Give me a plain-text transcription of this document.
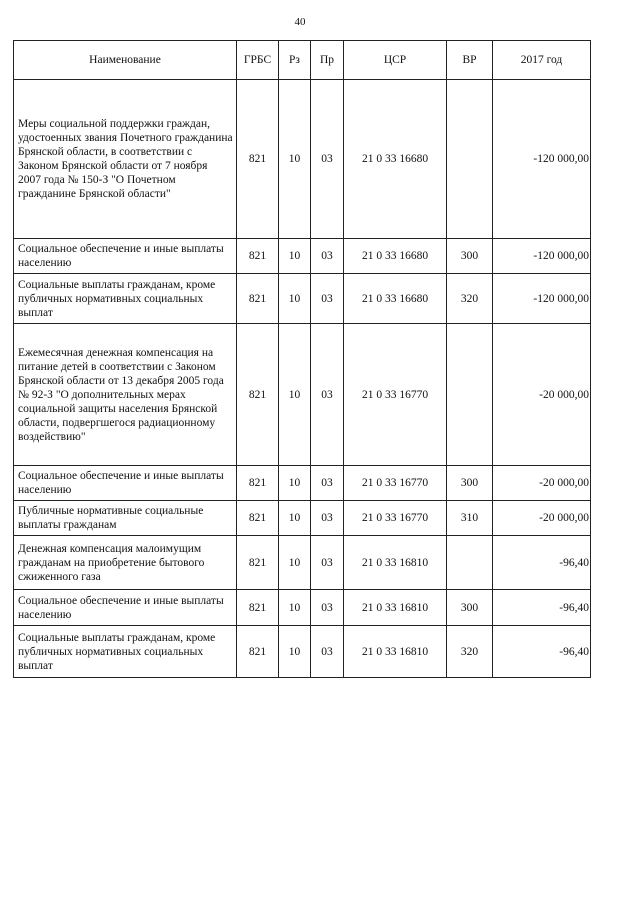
40
Наименование	ГРБС	Рз	Пр	ЦСР	ВР	2017 год
Меры социальной поддержки граждан, удостоенных звания Почетного гражданина Брянской области, в соответствии с Законом Брянской области от 7 ноября 2007 года № 150-З "О Почетном гражданине Брянской области"	821	10	03	21 0 33 16680		-120 000,00
Социальное обеспечение и иные выплаты населению	821	10	03	21 0 33 16680	300	-120 000,00
Социальные выплаты гражданам, кроме публичных нормативных социальных выплат	821	10	03	21 0 33 16680	320	-120 000,00
Ежемесячная денежная компенсация на питание детей в соответствии с Законом Брянской области от 13 декабря 2005 года № 92-З "О дополнительных мерах социальной защиты населения Брянской области, подвергшегося радиационному воздействию"	821	10	03	21 0 33 16770		-20 000,00
Социальное обеспечение и иные выплаты населению	821	10	03	21 0 33 16770	300	-20 000,00
Публичные нормативные социальные выплаты гражданам	821	10	03	21 0 33 16770	310	-20 000,00
Денежная компенсация малоимущим гражданам на приобретение бытового сжиженного газа	821	10	03	21 0 33 16810		-96,40
Социальное обеспечение и иные выплаты населению	821	10	03	21 0 33 16810	300	-96,40
Социальные выплаты гражданам, кроме публичных нормативных социальных выплат	821	10	03	21 0 33 16810	320	-96,40
